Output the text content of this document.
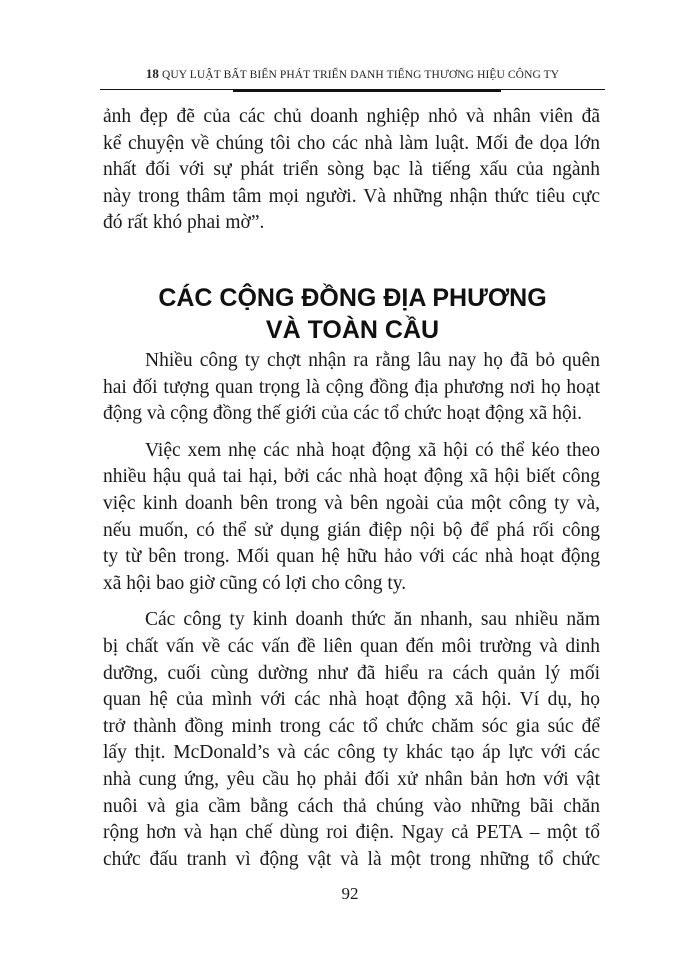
18 QUY LUẬT BẤT BIẾN PHÁT TRIỂN DANH TIẾNG THƯƠNG HIỆU CÔNG TY
ảnh đẹp đẽ của các chủ doanh nghiệp nhỏ và nhân viên đã
kể chuyện về chúng tôi cho các nhà làm luật. Mối đe dọa lớn
nhất đối với sự phát triển sòng bạc là tiếng xấu của ngành
này trong thâm tâm mọi người. Và những nhận thức tiêu cực
đó rất khó phai mờ”.
CÁC CỘNG ĐỒNG ĐỊA PHƯƠNG
VÀ TOÀN CẦU
Nhiều công ty chợt nhận ra rằng lâu nay họ đã bỏ quên
hai đối tượng quan trọng là cộng đồng địa phương nơi họ hoạt
động và cộng đồng thế giới của các tổ chức hoạt động xã hội.
Việc xem nhẹ các nhà hoạt động xã hội có thể kéo theo
nhiều hậu quả tai hại, bởi các nhà hoạt động xã hội biết công
việc kinh doanh bên trong và bên ngoài của một công ty và,
nếu muốn, có thể sử dụng gián điệp nội bộ để phá rối công
ty từ bên trong. Mối quan hệ hữu hảo với các nhà hoạt động
xã hội bao giờ cũng có lợi cho công ty.
Các công ty kinh doanh thức ăn nhanh, sau nhiều năm
bị chất vấn về các vấn đề liên quan đến môi trường và dinh
dưỡng, cuối cùng dường như đã hiểu ra cách quản lý mối
quan hệ của mình với các nhà hoạt động xã hội. Ví dụ, họ
trở thành đồng minh trong các tổ chức chăm sóc gia súc để
lấy thịt. McDonald’s và các công ty khác tạo áp lực với các
nhà cung ứng, yêu cầu họ phải đối xử nhân bản hơn với vật
nuôi và gia cầm bằng cách thả chúng vào những bãi chăn
rộng hơn và hạn chế dùng roi điện. Ngay cả PETA – một tổ
chức đấu tranh vì động vật và là một trong những tổ chức
92
